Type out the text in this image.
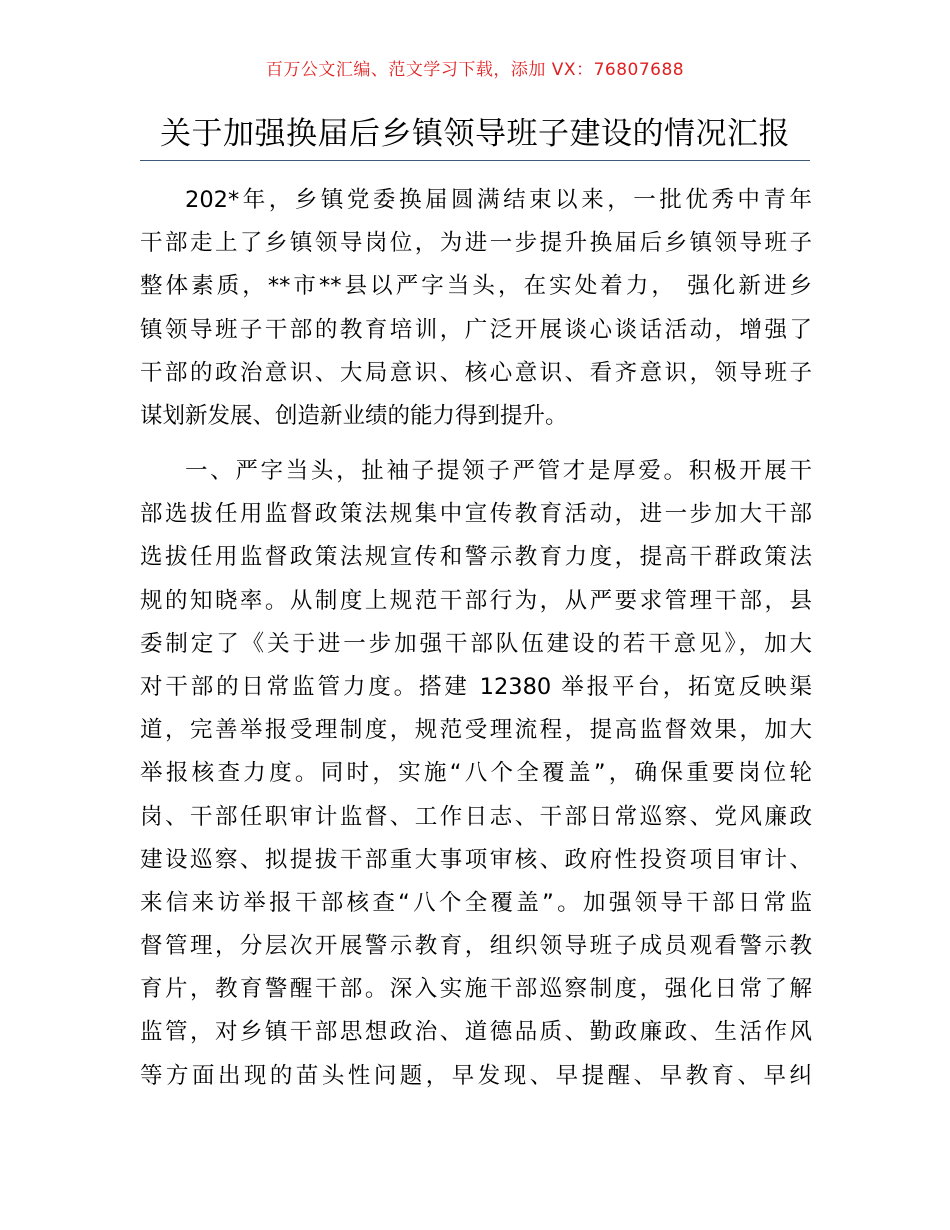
百万公文汇编、范文学习下载，添加 VX：76807688
关于加强换届后乡镇领导班子建设的情况汇报
202*年，乡镇党委换届圆满结束以来，一批优秀中青年
干部走上了乡镇领导岗位，为进一步提升换届后乡镇领导班子
整体素质，**市**县以严字当头，在实处着力， 强化新进乡
镇领导班子干部的教育培训，广泛开展谈心谈话活动，增强了
干部的政治意识、大局意识、核心意识、看齐意识，领导班子
谋划新发展、创造新业绩的能力得到提升。
一、严字当头，扯袖子提领子严管才是厚爱。积极开展干
部选拔任用监督政策法规集中宣传教育活动，进一步加大干部
选拔任用监督政策法规宣传和警示教育力度，提高干群政策法
规的知晓率。从制度上规范干部行为，从严要求管理干部，县
委制定了《关于进一步加强干部队伍建设的若干意见》，加大
对干部的日常监管力度。搭建 12380 举报平台，拓宽反映渠
道，完善举报受理制度，规范受理流程，提高监督效果，加大
举报核查力度。同时，实施“八个全覆盖”，确保重要岗位轮
岗、干部任职审计监督、工作日志、干部日常巡察、党风廉政
建设巡察、拟提拔干部重大事项审核、政府性投资项目审计、
来信来访举报干部核查“八个全覆盖”。加强领导干部日常监
督管理，分层次开展警示教育，组织领导班子成员观看警示教
育片，教育警醒干部。深入实施干部巡察制度，强化日常了解
监管，对乡镇干部思想政治、道德品质、勤政廉政、生活作风
等方面出现的苗头性问题，早发现、早提醒、早教育、早纠
